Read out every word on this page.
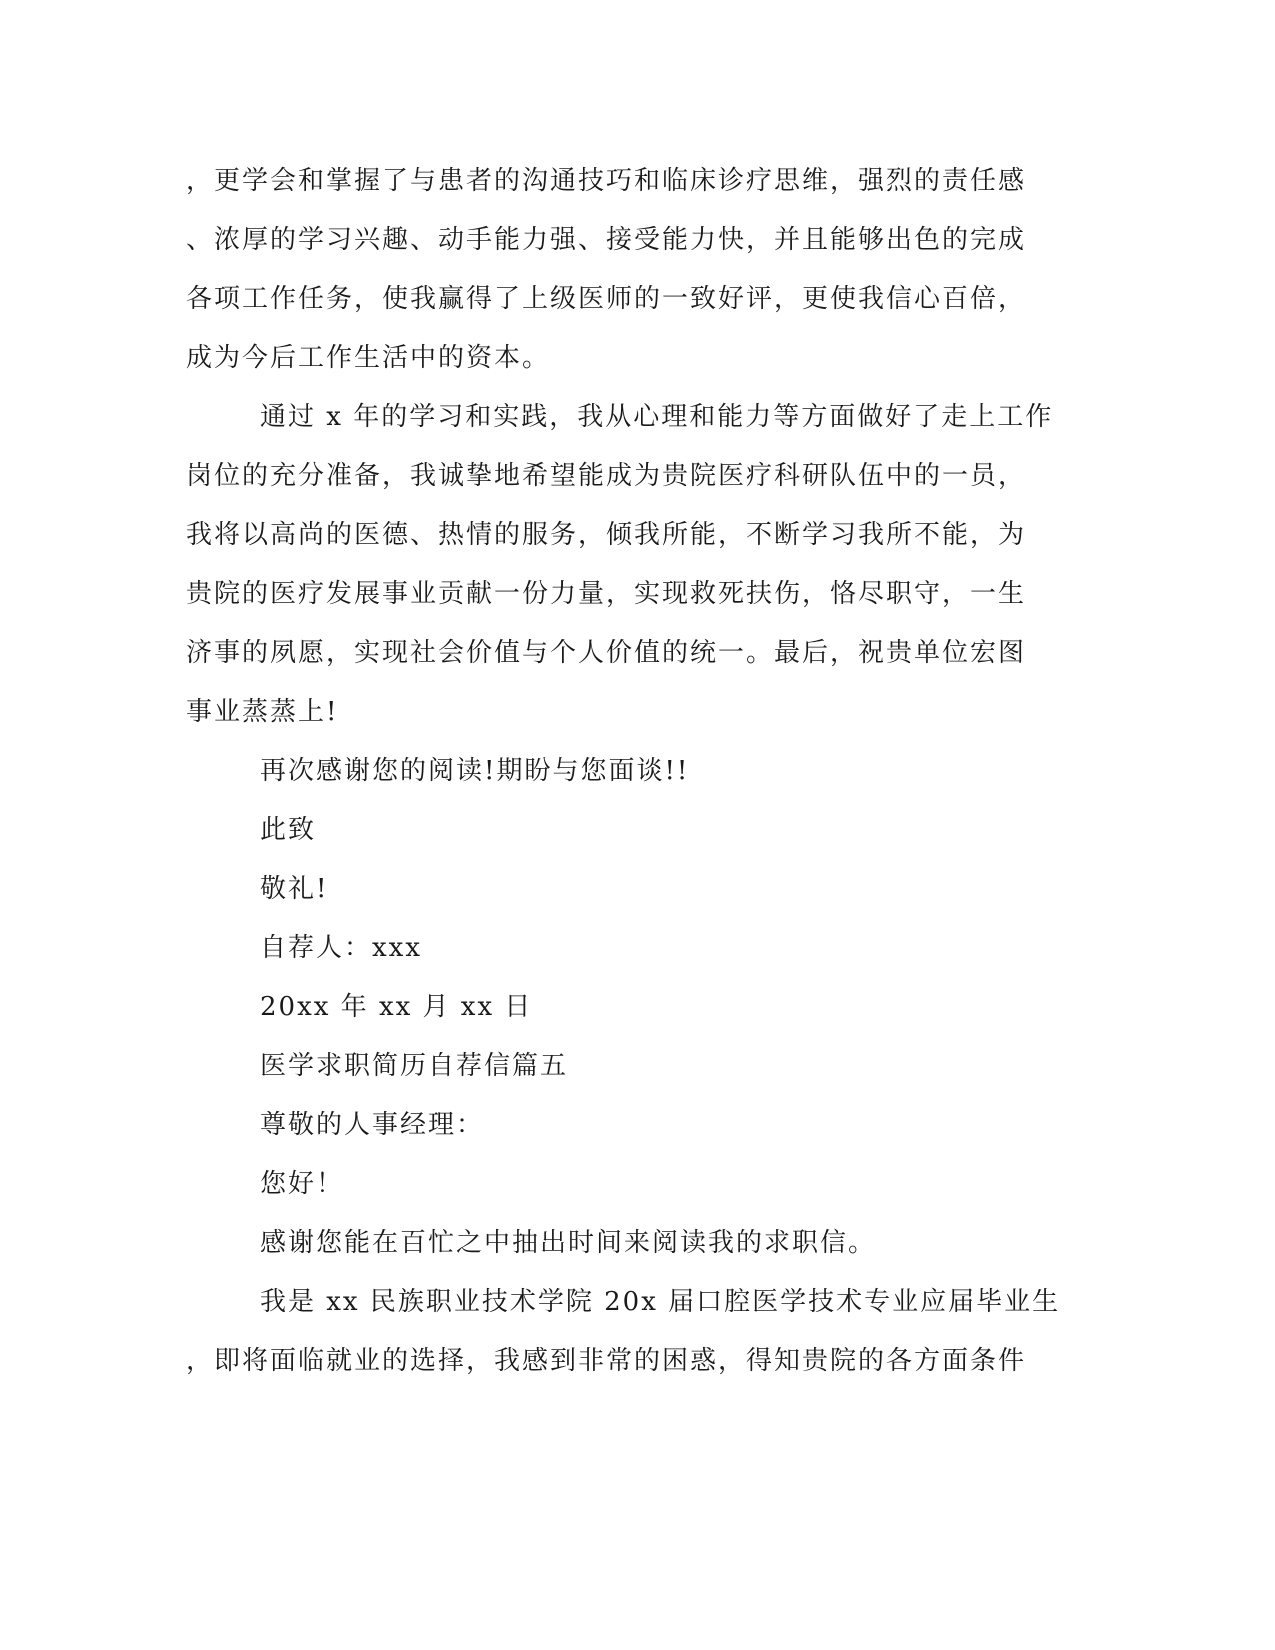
，更学会和掌握了与患者的沟通技巧和临床诊疗思维，强烈的责任感
、浓厚的学习兴趣、动手能力强、接受能力快，并且能够出色的完成
各项工作任务，使我赢得了上级医师的一致好评，更使我信心百倍，
成为今后工作生活中的资本。
通过 x 年的学习和实践，我从心理和能力等方面做好了走上工作
岗位的充分准备，我诚挚地希望能成为贵院医疗科研队伍中的一员，
我将以高尚的医德、热情的服务，倾我所能，不断学习我所不能，为
贵院的医疗发展事业贡献一份力量，实现救死扶伤，恪尽职守，一生
济事的夙愿，实现社会价值与个人价值的统一。最后，祝贵单位宏图
事业蒸蒸上!
再次感谢您的阅读!期盼与您面谈!!
此致
敬礼!
自荐人：xxx
20xx 年 xx 月 xx 日
医学求职简历自荐信篇五
尊敬的人事经理：
您好！
感谢您能在百忙之中抽出时间来阅读我的求职信。
我是 xx 民族职业技术学院 20x 届口腔医学技术专业应届毕业生
，即将面临就业的选择，我感到非常的困惑，得知贵院的各方面条件
